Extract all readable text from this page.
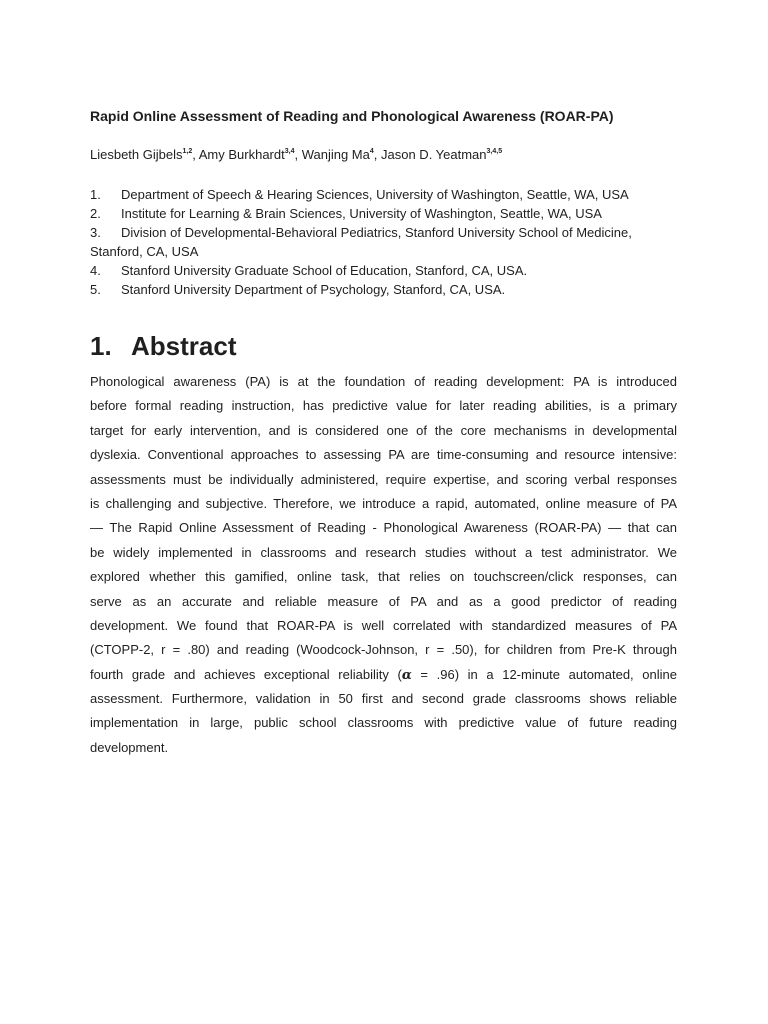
Rapid Online Assessment of Reading and Phonological Awareness (ROAR-PA)
Liesbeth Gijbels$^{1,2}$, Amy Burkhardt$^{3,4}$, Wanjing Ma$^4$, Jason D. Yeatman$^{3,4,5}$
1. Department of Speech & Hearing Sciences, University of Washington, Seattle, WA, USA
2. Institute for Learning & Brain Sciences, University of Washington, Seattle, WA, USA
3. Division of Developmental-Behavioral Pediatrics, Stanford University School of Medicine, Stanford, CA, USA
4. Stanford University Graduate School of Education, Stanford, CA, USA.
5. Stanford University Department of Psychology, Stanford, CA, USA.
1. Abstract
Phonological awareness (PA) is at the foundation of reading development: PA is introduced
before formal reading instruction, has predictive value for later reading abilities, is a primary
target for early intervention, and is considered one of the core mechanisms in developmental
dyslexia. Conventional approaches to assessing PA are time-consuming and resource intensive:
assessments must be individually administered, require expertise, and scoring verbal responses
is challenging and subjective. Therefore, we introduce a rapid, automated, online measure of PA
— The Rapid Online Assessment of Reading - Phonological Awareness (ROAR-PA) — that can
be widely implemented in classrooms and research studies without a test administrator. We
explored whether this gamified, online task, that relies on touchscreen/click responses, can
serve as an accurate and reliable measure of PA and as a good predictor of reading
development. We found that ROAR-PA is well correlated with standardized measures of PA
(CTOPP-2, r = .80) and reading (Woodcock-Johnson, r = .50), for children from Pre-K through
fourth grade and achieves exceptional reliability (α = .96) in a 12-minute automated, online
assessment. Furthermore, validation in 50 first and second grade classrooms shows reliable
implementation in large, public school classrooms with predictive value of future reading
development.
